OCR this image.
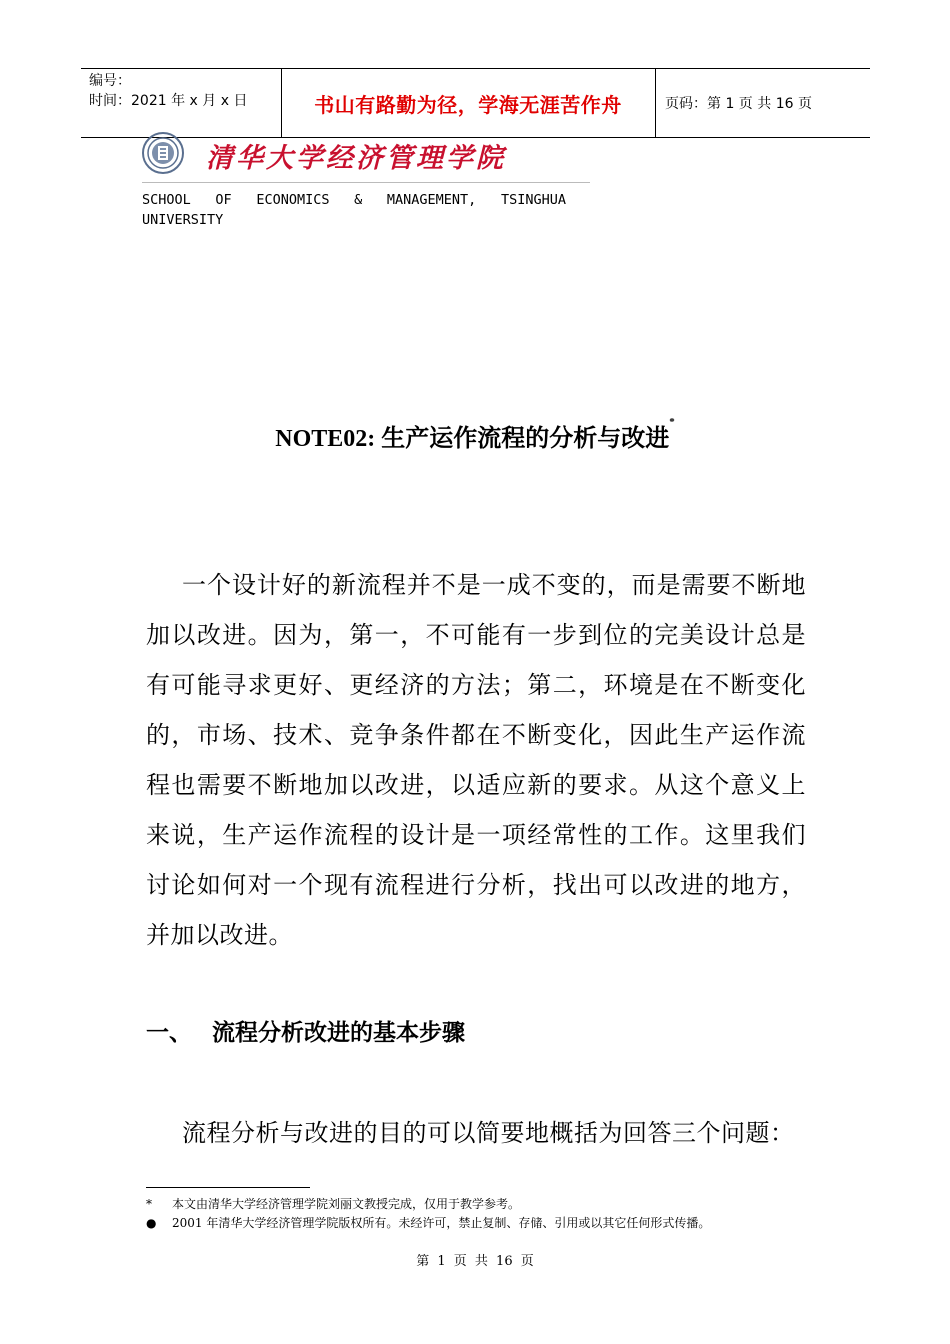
编号：
时间：2021 年 x 月 x 日	书山有路勤为径，学海无涯苦作舟	页码：第 1 页 共 16 页
清华大学经济管理学院
SCHOOL OF ECONOMICS & MANAGEMENT, TSINGHUA UNIVERSITY
NOTE02: 生产运作流程的分析与改进*
一个设计好的新流程并不是一成不变的，而是需要不断地加以改进。因为，第一，不可能有一步到位的完美设计总是有可能寻求更好、更经济的方法；第二，环境是在不断变化的，市场、技术、竞争条件都在不断变化，因此生产运作流程也需要不断地加以改进，以适应新的要求。从这个意义上来说，生产运作流程的设计是一项经常性的工作。这里我们讨论如何对一个现有流程进行分析，找出可以改进的地方，并加以改进。
一、 流程分析改进的基本步骤
流程分析与改进的目的可以简要地概括为回答三个问题：
* 本文由清华大学经济管理学院刘丽文教授完成，仅用于教学参考。
● 2001 年清华大学经济管理学院版权所有。未经许可，禁止复制、存储、引用或以其它任何形式传播。
第 1 页 共 16 页
